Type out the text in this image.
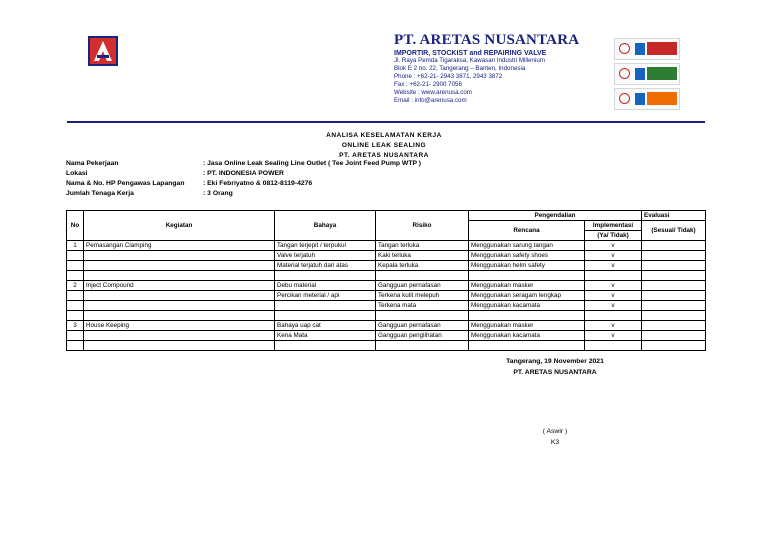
PT. ARETAS NUSANTARA
IMPORTIR, STOCKIST and REPAIRING VALVE
Jl. Raya Pemda Tigaraksa, Kawasan Industri Millenium
Blok E 2 no. 22, Tangerang – Banten, Indonesia
Phone : +62-21- 2943 3871, 2943 3872
Fax : +62-21- 2900 7056
Website : www.arenusa.com
Email : info@arenusa.com
ANALISA KESELAMATAN KERJA
ONLINE LEAK SEALING
PT. ARETAS NUSANTARA
Nama Pekerjaan	: Jasa Online Leak Sealing Line Outlet ( Tee Joint Feed Pump WTP )
Lokasi	: PT. INDONESIA POWER
Nama & No. HP Pengawas Lapangan	: Eki Febriyatno & 0812-8119-4276
Jumlah Tenaga Kerja	: 3 Orang
No	Kegiatan	Bahaya	Risiko	Pengendalian		Evaluasi
				Rencana	Implementasi	(Sesuai/ Tidak)
					(Ya/ Tidak)	
1	Pemasangan Clamping	Tangan terjepit / terpukul	Tangan terluka	Menggunakan sarung tangan	v	
		Valve terjatuh	Kaki terluka	Menggunakan safety shoes	v	
		Material terjatuh dari atas	Kepala terluka	Menggunakan helm safety	v	

2	Inject Compound	Debu material	Gangguan pernafasan	Menggunakan masker	v	
		Percikan meterial / api	Terkena kulit melepuh	Menggunakan seragam lengkap	v	
			Terkena mata	Menggunakan kacamata	v	

3	House Keeping	Bahaya uap cat	Gangguan pernafasan	Menggunakan masker	v	
		Kena Mata	Gangguan penglihatan	Menggunakan kacamata	v	

Tangerang, 19 November 2021
PT. ARETAS NUSANTARA
( Aswir )
K3
